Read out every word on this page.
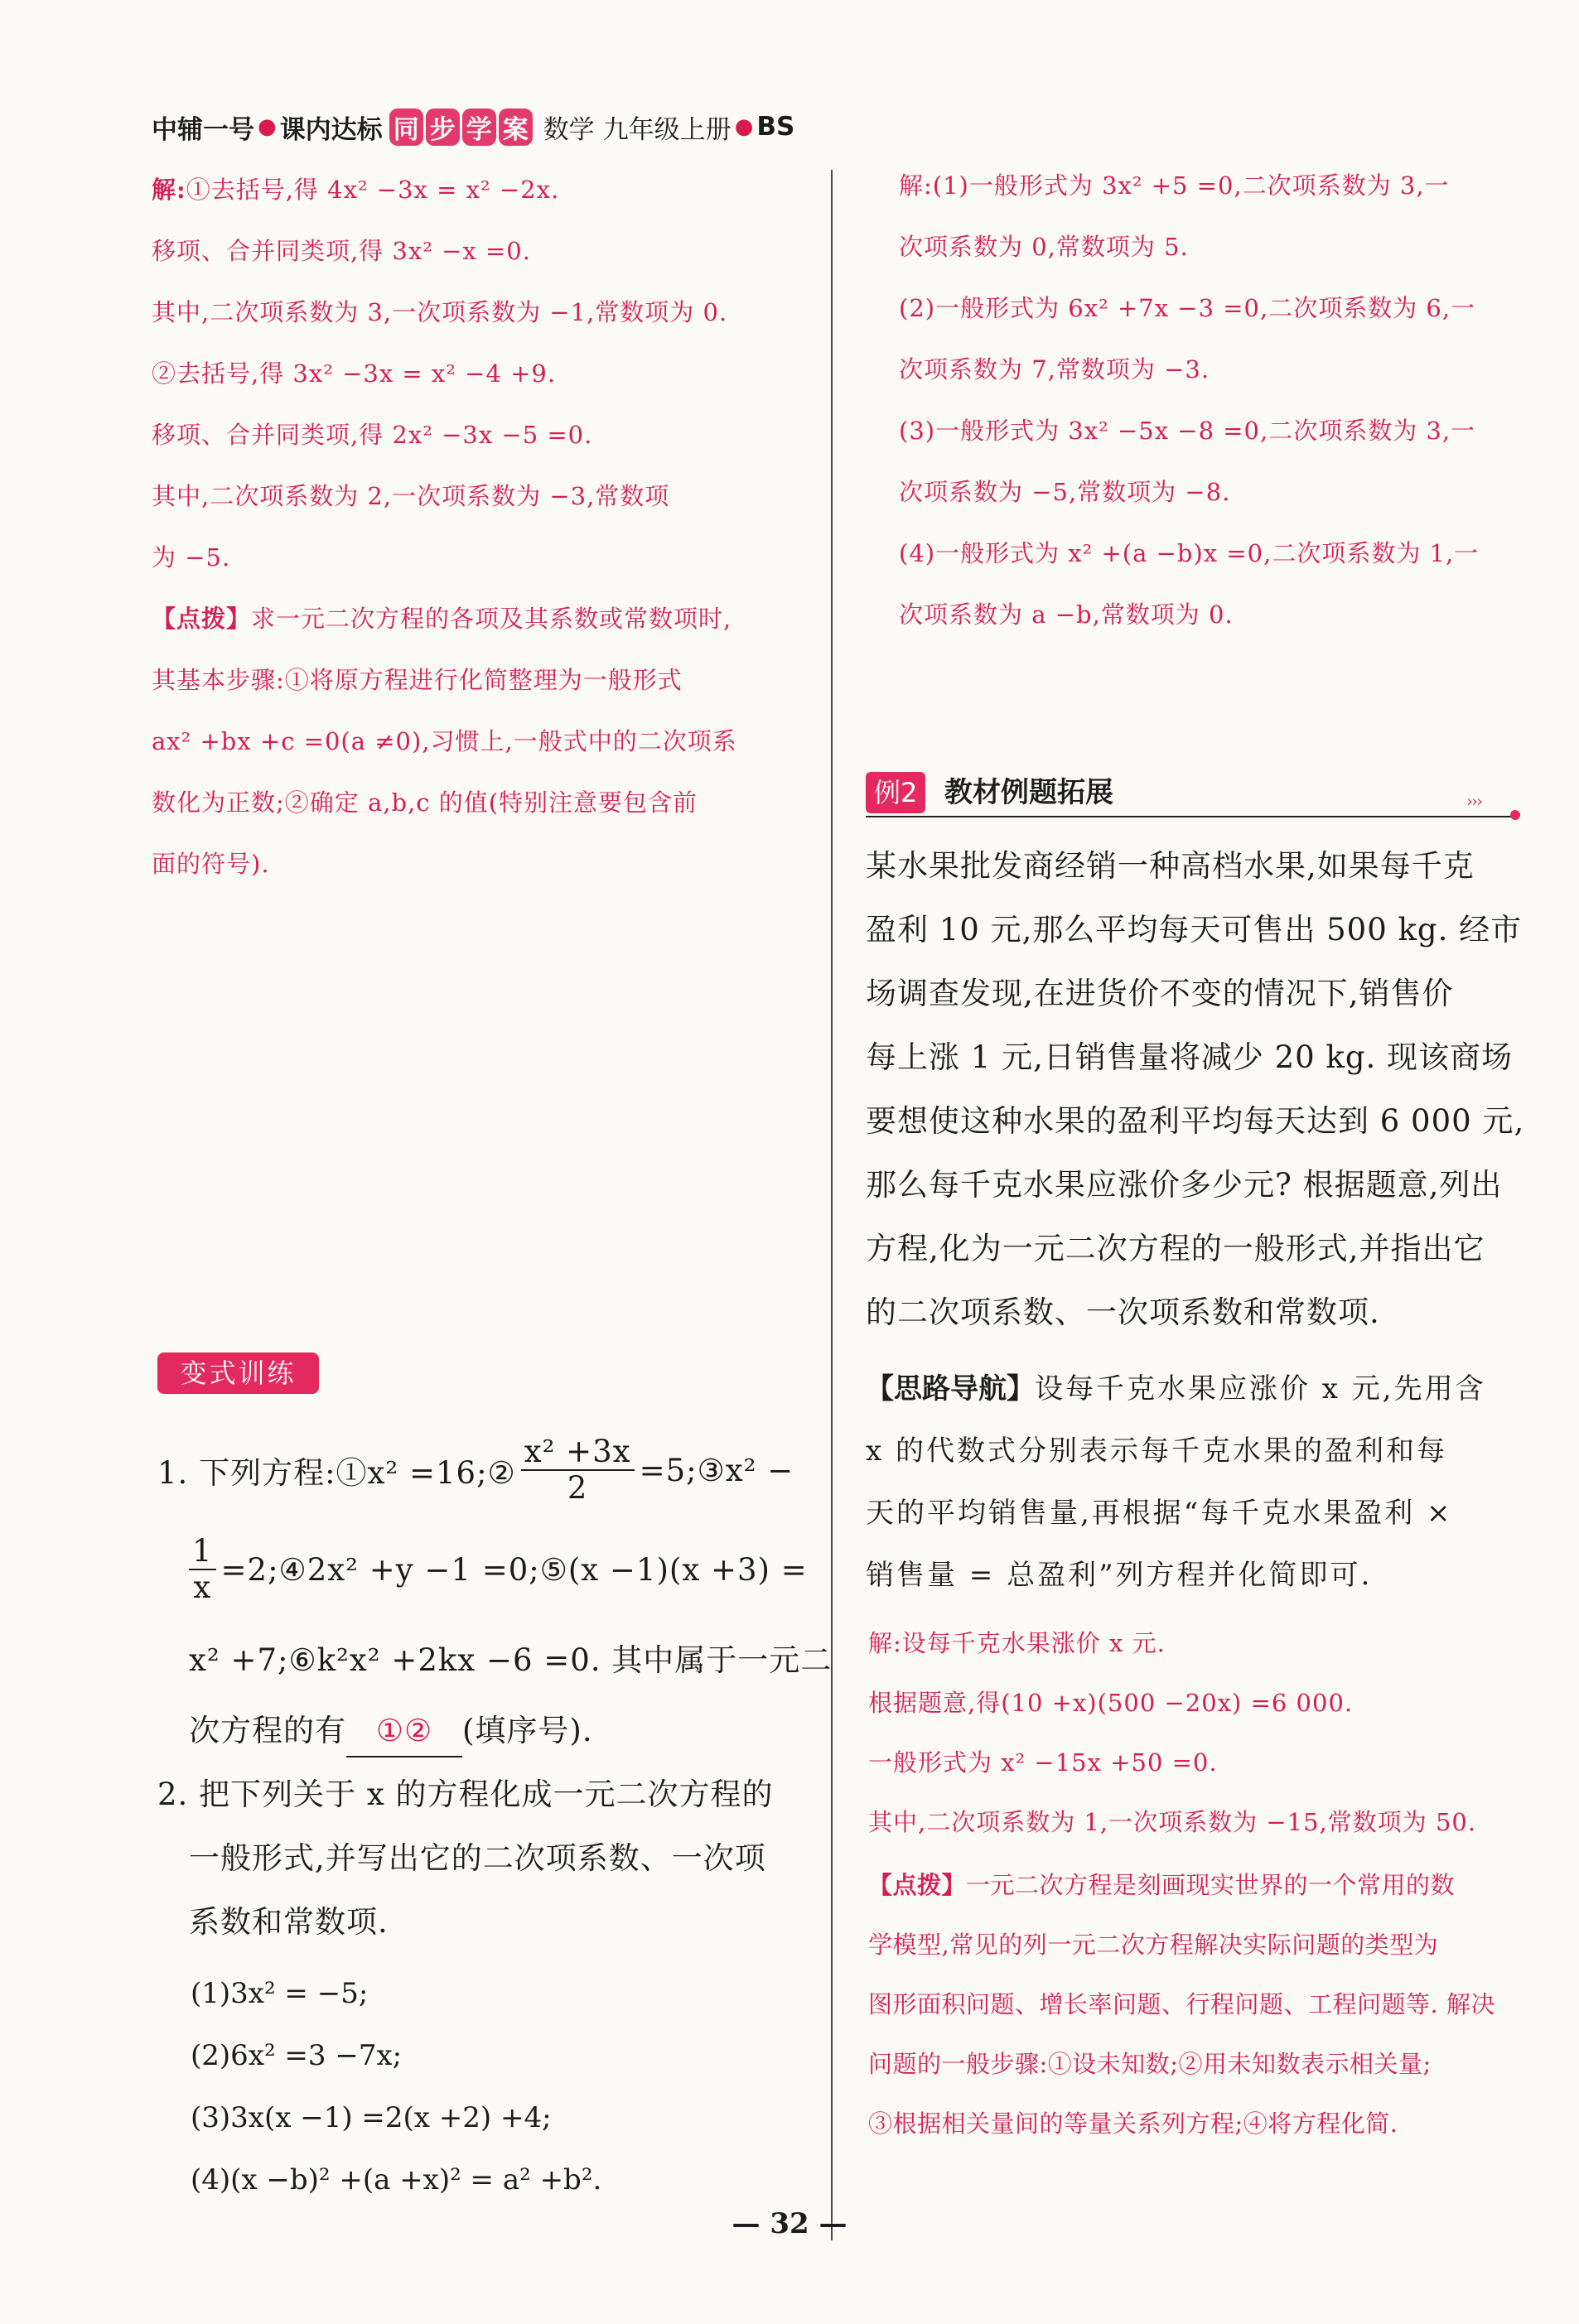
中辅一号 ● 课内达标 同 步 学 案 数学 九年级上册 ● BS
解:①去括号,得 4x² −3x = x² −2x.
移项、合并同类项,得 3x² −x =0.
其中,二次项系数为 3,一次项系数为 −1,常数项为 0.
②去括号,得 3x² −3x = x² −4 +9.
移项、合并同类项,得 2x² −3x −5 =0.
其中,二次项系数为 2,一次项系数为 −3,常数项
为 −5.
【点拨】求一元二次方程的各项及其系数或常数项时,
其基本步骤:①将原方程进行化简整理为一般形式
ax² +bx +c =0(a ≠0),习惯上,一般式中的二次项系
数化为正数;②确定 a,b,c 的值(特别注意要包含前
面的符号).
变式训练
1. 下列方程:①x² =16;② $\frac{\text{x² +3x}}{2}$ =5;③x² −
$\frac{1}{x}$ =2;④2x² +y −1 =0;⑤(x −1)(x +3) =
x² +7;⑥k²x² +2kx −6 =0. 其中属于一元二
次方程的有 ①② (填序号).
2. 把下列关于 x 的方程化成一元二次方程的
一般形式,并写出它的二次项系数、一次项
系数和常数项.
(1)3x² = −5;
(2)6x² =3 −7x;
(3)3x(x −1) =2(x +2) +4;
(4)(x −b)² +(a +x)² = a² +b².
解:(1)一般形式为 3x² +5 =0,二次项系数为 3,一
次项系数为 0,常数项为 5.
(2)一般形式为 6x² +7x −3 =0,二次项系数为 6,一
次项系数为 7,常数项为 −3.
(3)一般形式为 3x² −5x −8 =0,二次项系数为 3,一
次项系数为 −5,常数项为 −8.
(4)一般形式为 x² +(a −b)x =0,二次项系数为 1,一
次项系数为 a −b,常数项为 0.
例2 教材例题拓展	›››
某水果批发商经销一种高档水果,如果每千克
盈利 10 元,那么平均每天可售出 500 kg. 经市
场调查发现,在进货价不变的情况下,销售价
每上涨 1 元,日销售量将减少 20 kg. 现该商场
要想使这种水果的盈利平均每天达到 6 000 元,
那么每千克水果应涨价多少元? 根据题意,列出
方程,化为一元二次方程的一般形式,并指出它
的二次项系数、一次项系数和常数项.
【思路导航】设每千克水果应涨价 x 元,先用含
x 的代数式分别表示每千克水果的盈利和每
天的平均销售量,再根据“每千克水果盈利 ×
销售量 = 总盈利”列方程并化简即可.
解:设每千克水果涨价 x 元.
根据题意,得(10 +x)(500 −20x) =6 000.
一般形式为 x² −15x +50 =0.
其中,二次项系数为 1,一次项系数为 −15,常数项为 50.
【点拨】一元二次方程是刻画现实世界的一个常用的数
学模型,常见的列一元二次方程解决实际问题的类型为
图形面积问题、增长率问题、行程问题、工程问题等. 解决
问题的一般步骤:①设未知数;②用未知数表示相关量;
③根据相关量间的等量关系列方程;④将方程化简.
— 32 —
